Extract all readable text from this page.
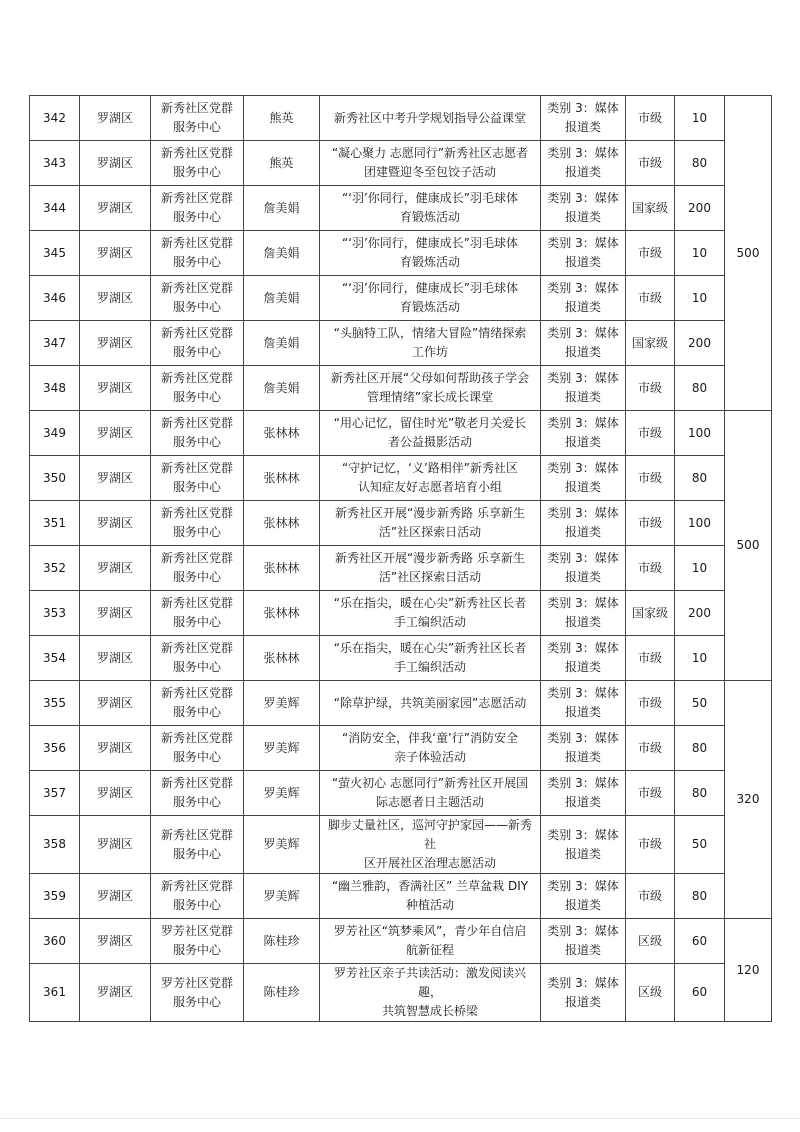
342	罗湖区	新秀社区党群
服务中心	熊英	新秀社区中考升学规划指导公益课堂	类别 3：媒体
报道类	市级	10	500
343	罗湖区	新秀社区党群
服务中心	熊英	“凝心聚力 志愿同行”新秀社区志愿者
团建暨迎冬至包饺子活动	类别 3：媒体
报道类	市级	80	
344	罗湖区	新秀社区党群
服务中心	詹美娟	“‘羽’你同行，健康成长”羽毛球体
育锻炼活动	类别 3：媒体
报道类	国家级	200	
345	罗湖区	新秀社区党群
服务中心	詹美娟	“‘羽’你同行，健康成长”羽毛球体
育锻炼活动	类别 3：媒体
报道类	市级	10	
346	罗湖区	新秀社区党群
服务中心	詹美娟	“‘羽’你同行，健康成长”羽毛球体
育锻炼活动	类别 3：媒体
报道类	市级	10	
347	罗湖区	新秀社区党群
服务中心	詹美娟	“头脑特工队，情绪大冒险”情绪探索
工作坊	类别 3：媒体
报道类	国家级	200	
348	罗湖区	新秀社区党群
服务中心	詹美娟	新秀社区开展“父母如何帮助孩子学会
管理情绪”家长成长课堂	类别 3：媒体
报道类	市级	80	
349	罗湖区	新秀社区党群
服务中心	张林林	“用心记忆，留住时光”敬老月关爱长
者公益摄影活动	类别 3：媒体
报道类	市级	100	500
350	罗湖区	新秀社区党群
服务中心	张林林	“守护记忆，‘义’路相伴”新秀社区
认知症友好志愿者培育小组	类别 3：媒体
报道类	市级	80	
351	罗湖区	新秀社区党群
服务中心	张林林	新秀社区开展“漫步新秀路 乐享新生
活”社区探索日活动	类别 3：媒体
报道类	市级	100	
352	罗湖区	新秀社区党群
服务中心	张林林	新秀社区开展“漫步新秀路 乐享新生
活”社区探索日活动	类别 3：媒体
报道类	市级	10	
353	罗湖区	新秀社区党群
服务中心	张林林	“乐在指尖，暖在心尖”新秀社区长者
手工编织活动	类别 3：媒体
报道类	国家级	200	
354	罗湖区	新秀社区党群
服务中心	张林林	“乐在指尖，暖在心尖”新秀社区长者
手工编织活动	类别 3：媒体
报道类	市级	10	
355	罗湖区	新秀社区党群
服务中心	罗美辉	“除草护绿，共筑美丽家园”志愿活动	类别 3：媒体
报道类	市级	50	320
356	罗湖区	新秀社区党群
服务中心	罗美辉	“消防安全，伴我‘童’行”消防安全
亲子体验活动	类别 3：媒体
报道类	市级	80	
357	罗湖区	新秀社区党群
服务中心	罗美辉	“萤火初心 志愿同行”新秀社区开展国
际志愿者日主题活动	类别 3：媒体
报道类	市级	80	
358	罗湖区	新秀社区党群
服务中心	罗美辉	脚步丈量社区，巡河守护家园——新秀社
区开展社区治理志愿活动	类别 3：媒体
报道类	市级	50	
359	罗湖区	新秀社区党群
服务中心	罗美辉	“幽兰雅韵，香满社区” 兰草盆栽 DIY
种植活动	类别 3：媒体
报道类	市级	80	
360	罗湖区	罗芳社区党群
服务中心	陈桂珍	罗芳社区“筑梦乘风”，青少年自信启
航新征程	类别 3：媒体
报道类	区级	60	120
361	罗湖区	罗芳社区党群
服务中心	陈桂珍	罗芳社区亲子共读活动：激发阅读兴趣，
共筑智慧成长桥梁	类别 3：媒体
报道类	区级	60	
